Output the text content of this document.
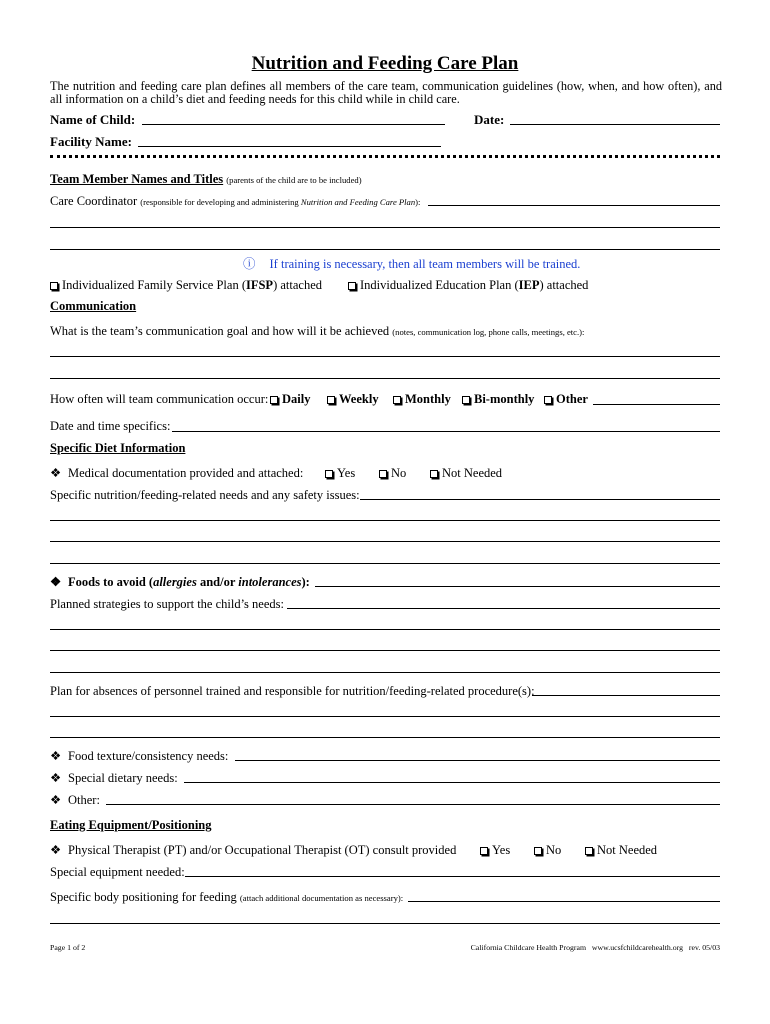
Nutrition and Feeding Care Plan
The nutrition and feeding care plan defines all members of the care team, communication guidelines (how, when, and how often), and all information on a child’s diet and feeding needs for this child while in child care.
Name of Child:	Date:
Facility Name:
Team Member Names and Titles (parents of the child are to be included)
Care Coordinator (responsible for developing and administering Nutrition and Feeding Care Plan):
ⓘ If training is necessary, then all team members will be trained.
Individualized Family Service Plan (IFSP) attached	Individualized Education Plan (IEP) attached
Communication
What is the team’s communication goal and how will it be achieved (notes, communication log, phone calls, meetings, etc.):
How often will team communication occur:	Daily	Weekly	Monthly	Bi-monthly	Other
Date and time specifics:
Specific Diet Information
❖ Medical documentation provided and attached:	Yes	No	Not Needed
Specific nutrition/feeding-related needs and any safety issues:
❖ Foods to avoid (allergies and/or intolerances):
Planned strategies to support the child’s needs:
Plan for absences of personnel trained and responsible for nutrition/feeding-related procedure(s):
❖ Food texture/consistency needs:
❖ Special dietary needs:
❖ Other:
Eating Equipment/Positioning
❖ Physical Therapist (PT) and/or Occupational Therapist (OT) consult provided	Yes	No	Not Needed
Special equipment needed:
Specific body positioning for feeding (attach additional documentation as necessary):
Page 1 of 2	California Childcare Health Program www.ucsfchildcarehealth.org rev. 05/03
